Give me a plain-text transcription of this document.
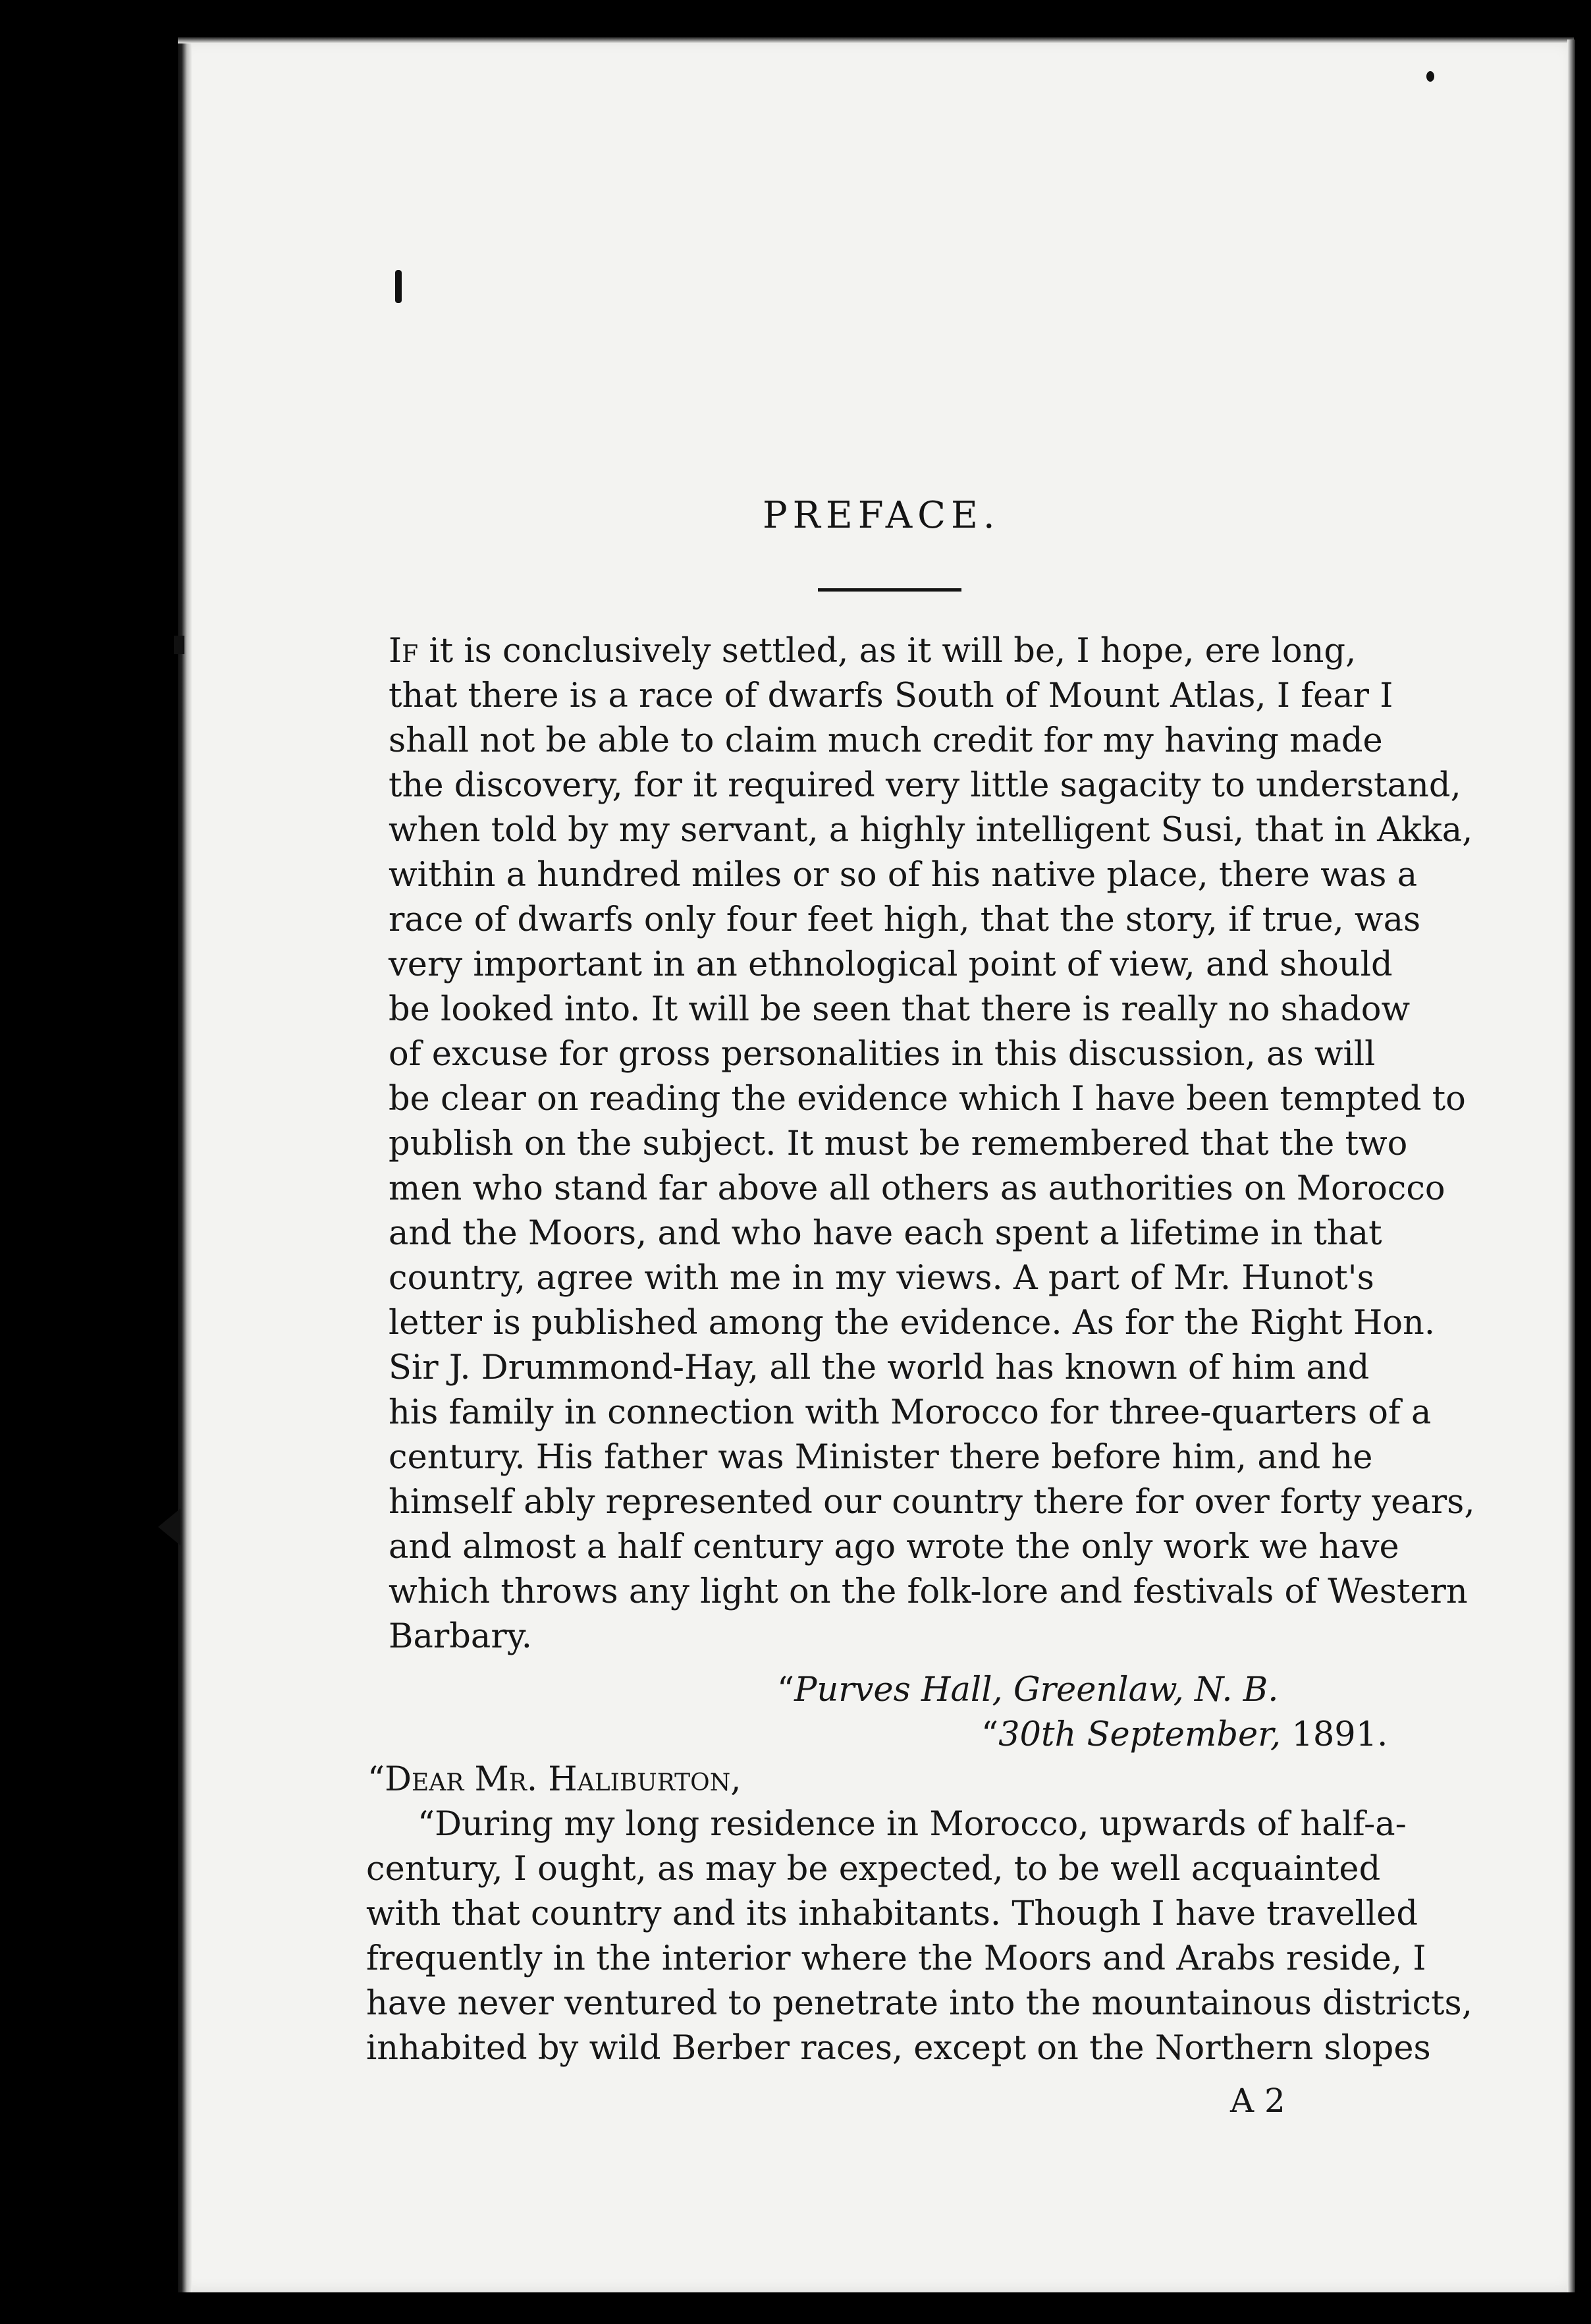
PREFACE.
If it is conclusively settled, as it will be, I hope, ere long,
that there is a race of dwarfs South of Mount Atlas, I fear I
shall not be able to claim much credit for my having made
the discovery, for it required very little sagacity to understand,
when told by my servant, a highly intelligent Susi, that in Akka,
within a hundred miles or so of his native place, there was a
race of dwarfs only four feet high, that the story, if true, was
very important in an ethnological point of view, and should
be looked into. It will be seen that there is really no shadow
of excuse for gross personalities in this discussion, as will
be clear on reading the evidence which I have been tempted to
publish on the subject. It must be remembered that the two
men who stand far above all others as authorities on Morocco
and the Moors, and who have each spent a lifetime in that
country, agree with me in my views. A part of Mr. Hunot's
letter is published among the evidence. As for the Right Hon.
Sir J. Drummond-Hay, all the world has known of him and
his family in connection with Morocco for three-quarters of a
century. His father was Minister there before him, and he
himself ably represented our country there for over forty years,
and almost a half century ago wrote the only work we have
which throws any light on the folk-lore and festivals of Western
Barbary.
“Purves Hall, Greenlaw, N. B.
“30th September, 1891.
“Dear Mr. Haliburton,
“During my long residence in Morocco, upwards of half-a-
century, I ought, as may be expected, to be well acquainted
with that country and its inhabitants. Though I have travelled
frequently in the interior where the Moors and Arabs reside, I
have never ventured to penetrate into the mountainous districts,
inhabited by wild Berber races, except on the Northern slopes
A 2
